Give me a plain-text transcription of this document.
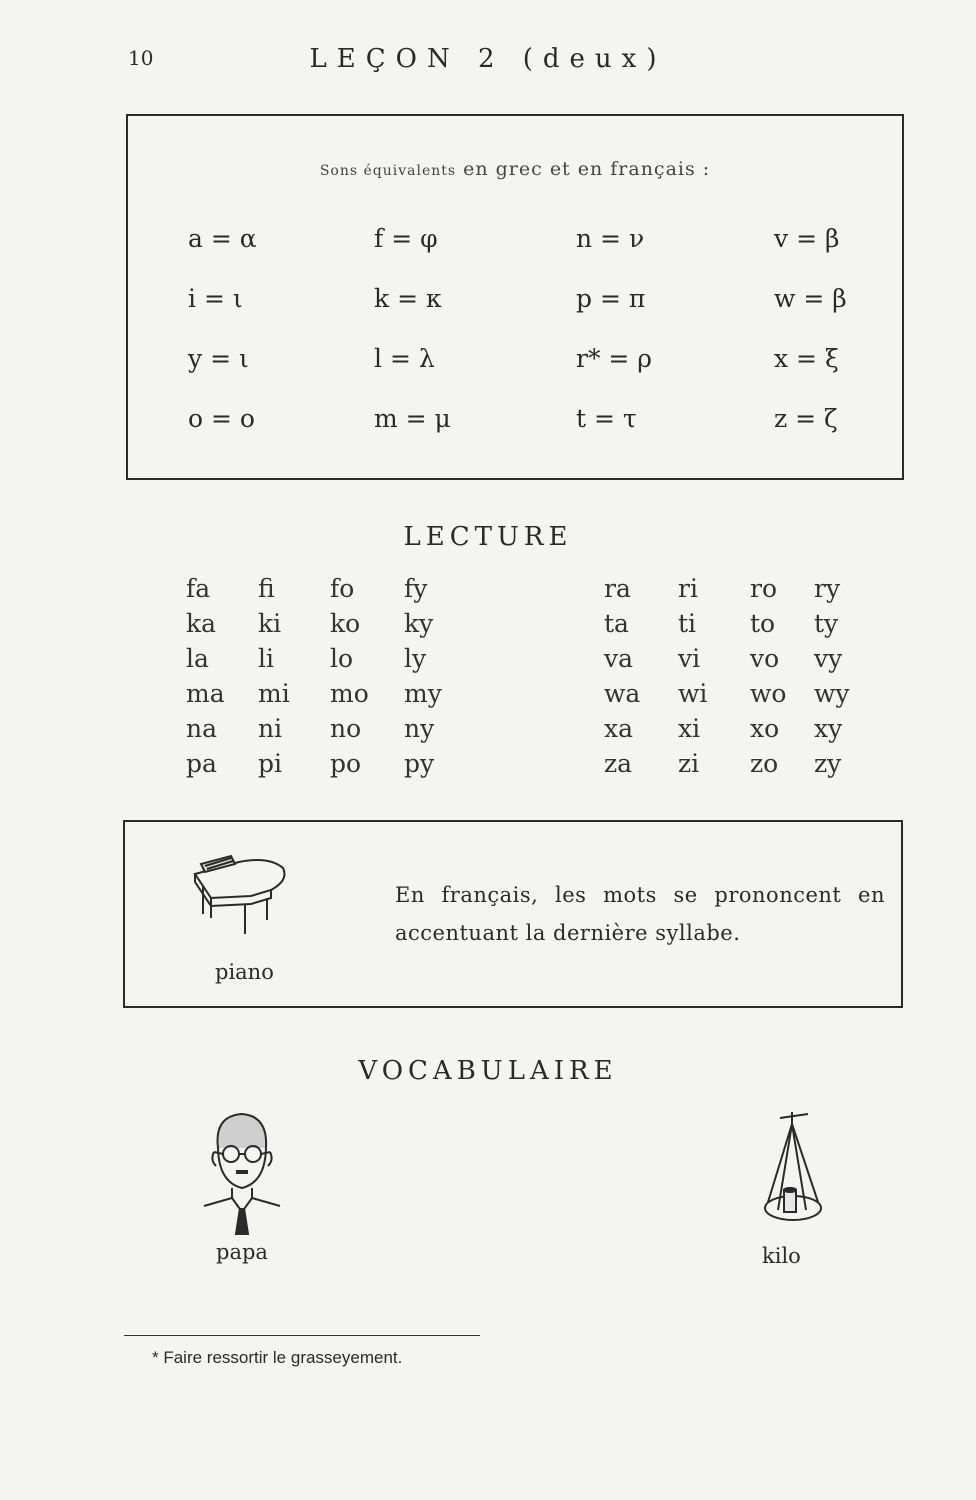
10	LEÇON 2 (deux)
Sons équivalents en grec et en français :
a = α
i = ι
y = ι
o = o
f = φ
k = κ
l = λ
m = μ
n = ν
p = π
r* = ρ
t = τ
v = β
w = β
x = ξ
z = ζ
LECTURE
fa fi fo fy
ka ki ko ky
la li lo ly
ma mi mo my
na ni no ny
pa pi po py
ra ri ro ry
ta ti to ty
va vi vo vy
wa wi wo wy
xa xi xo xy
za zi zo zy
piano
En français, les mots se prononcent en accentuant la dernière syllabe.
VOCABULAIRE
papa	kilo
* Faire ressortir le grasseyement.
